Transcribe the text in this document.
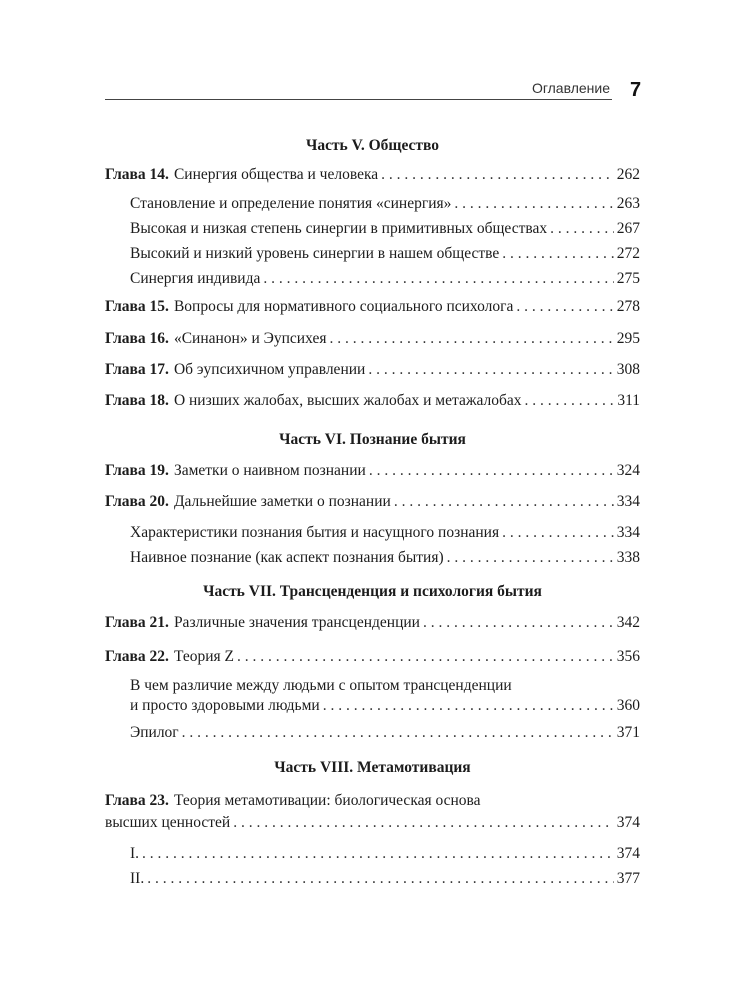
Оглавление 7
Часть V. Общество
Глава 14. Синергия общества и человека . . .	262
Становление и определение понятия «синергия» . . .	263
Высокая и низкая степень синергии в примитивных обществах . . .	267
Высокий и низкий уровень синергии в нашем обществе . . .	272
Синергия индивида . . .	275
Глава 15. Вопросы для нормативного социального психолога . . .	278
Глава 16. «Синанон» и Эупсихея . . .	295
Глава 17. Об эупсихичном управлении . . .	308
Глава 18. О низших жалобах, высших жалобах и метажалобах . . .	311
Часть VI. Познание бытия
Глава 19. Заметки о наивном познании . . .	324
Глава 20. Дальнейшие заметки о познании . . .	334
Характеристики познания бытия и насущного познания . . .	334
Наивное познание (как аспект познания бытия) . . .	338
Часть VII. Трансценденция и психология бытия
Глава 21. Различные значения трансценденции . . .	342
Глава 22. Теория Z . . .	356
В чем различие между людьми с опытом трансценденции
и просто здоровыми людьми . . .	360
Эпилог . . .	371
Часть VIII. Метамотивация
Глава 23. Теория метамотивации: биологическая основа
высших ценностей . . .	374
I. . . .	374
II. . . .	377
